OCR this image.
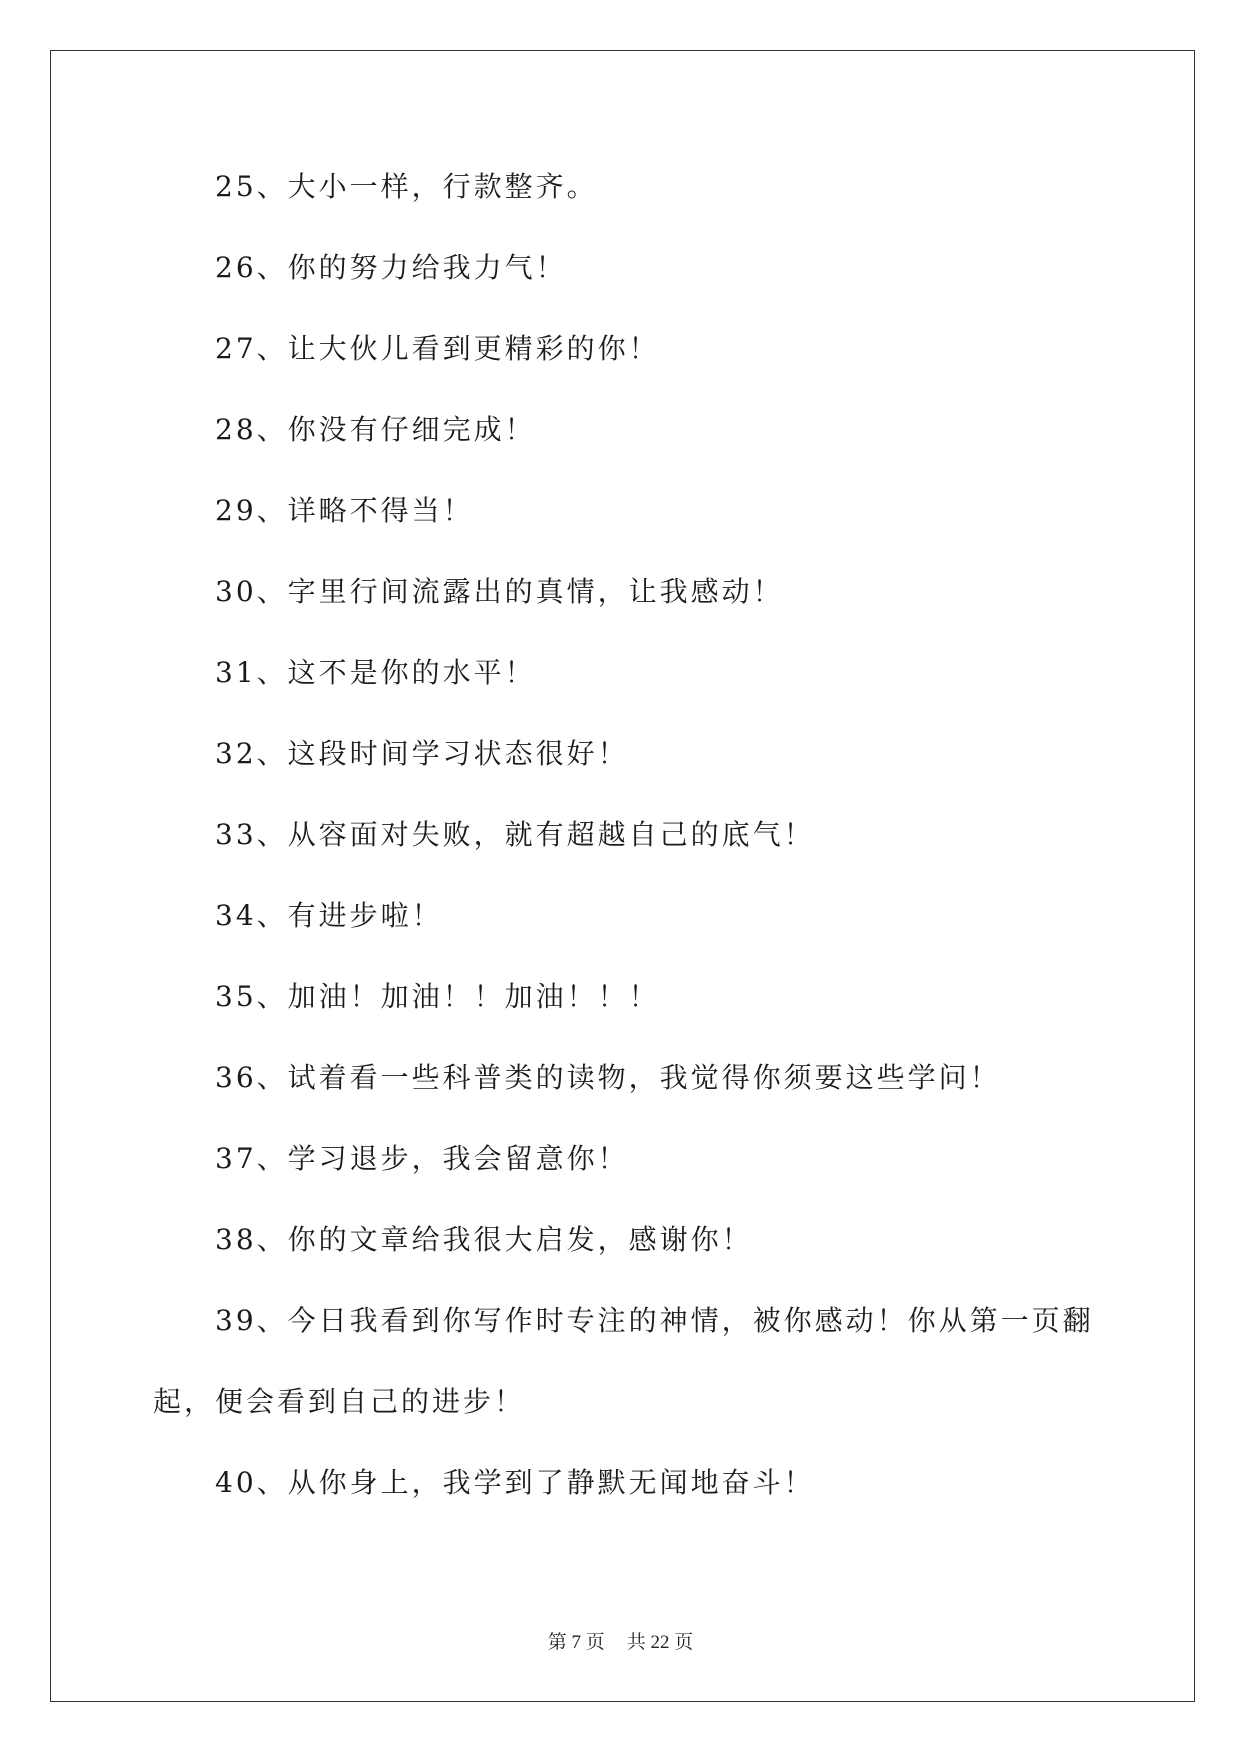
25、大小一样，行款整齐。
26、你的努力给我力气！
27、让大伙儿看到更精彩的你！
28、你没有仔细完成！
29、详略不得当！
30、字里行间流露出的真情，让我感动！
31、这不是你的水平！
32、这段时间学习状态很好！
33、从容面对失败，就有超越自己的底气！
34、有进步啦！
35、加油！加油！！加油！！！
36、试着看一些科普类的读物，我觉得你须要这些学问！
37、学习退步，我会留意你！
38、你的文章给我很大启发，感谢你！
39、今日我看到你写作时专注的神情，被你感动！你从第一页翻
起，便会看到自己的进步！
40、从你身上，我学到了静默无闻地奋斗！
第 7 页 共 22 页
